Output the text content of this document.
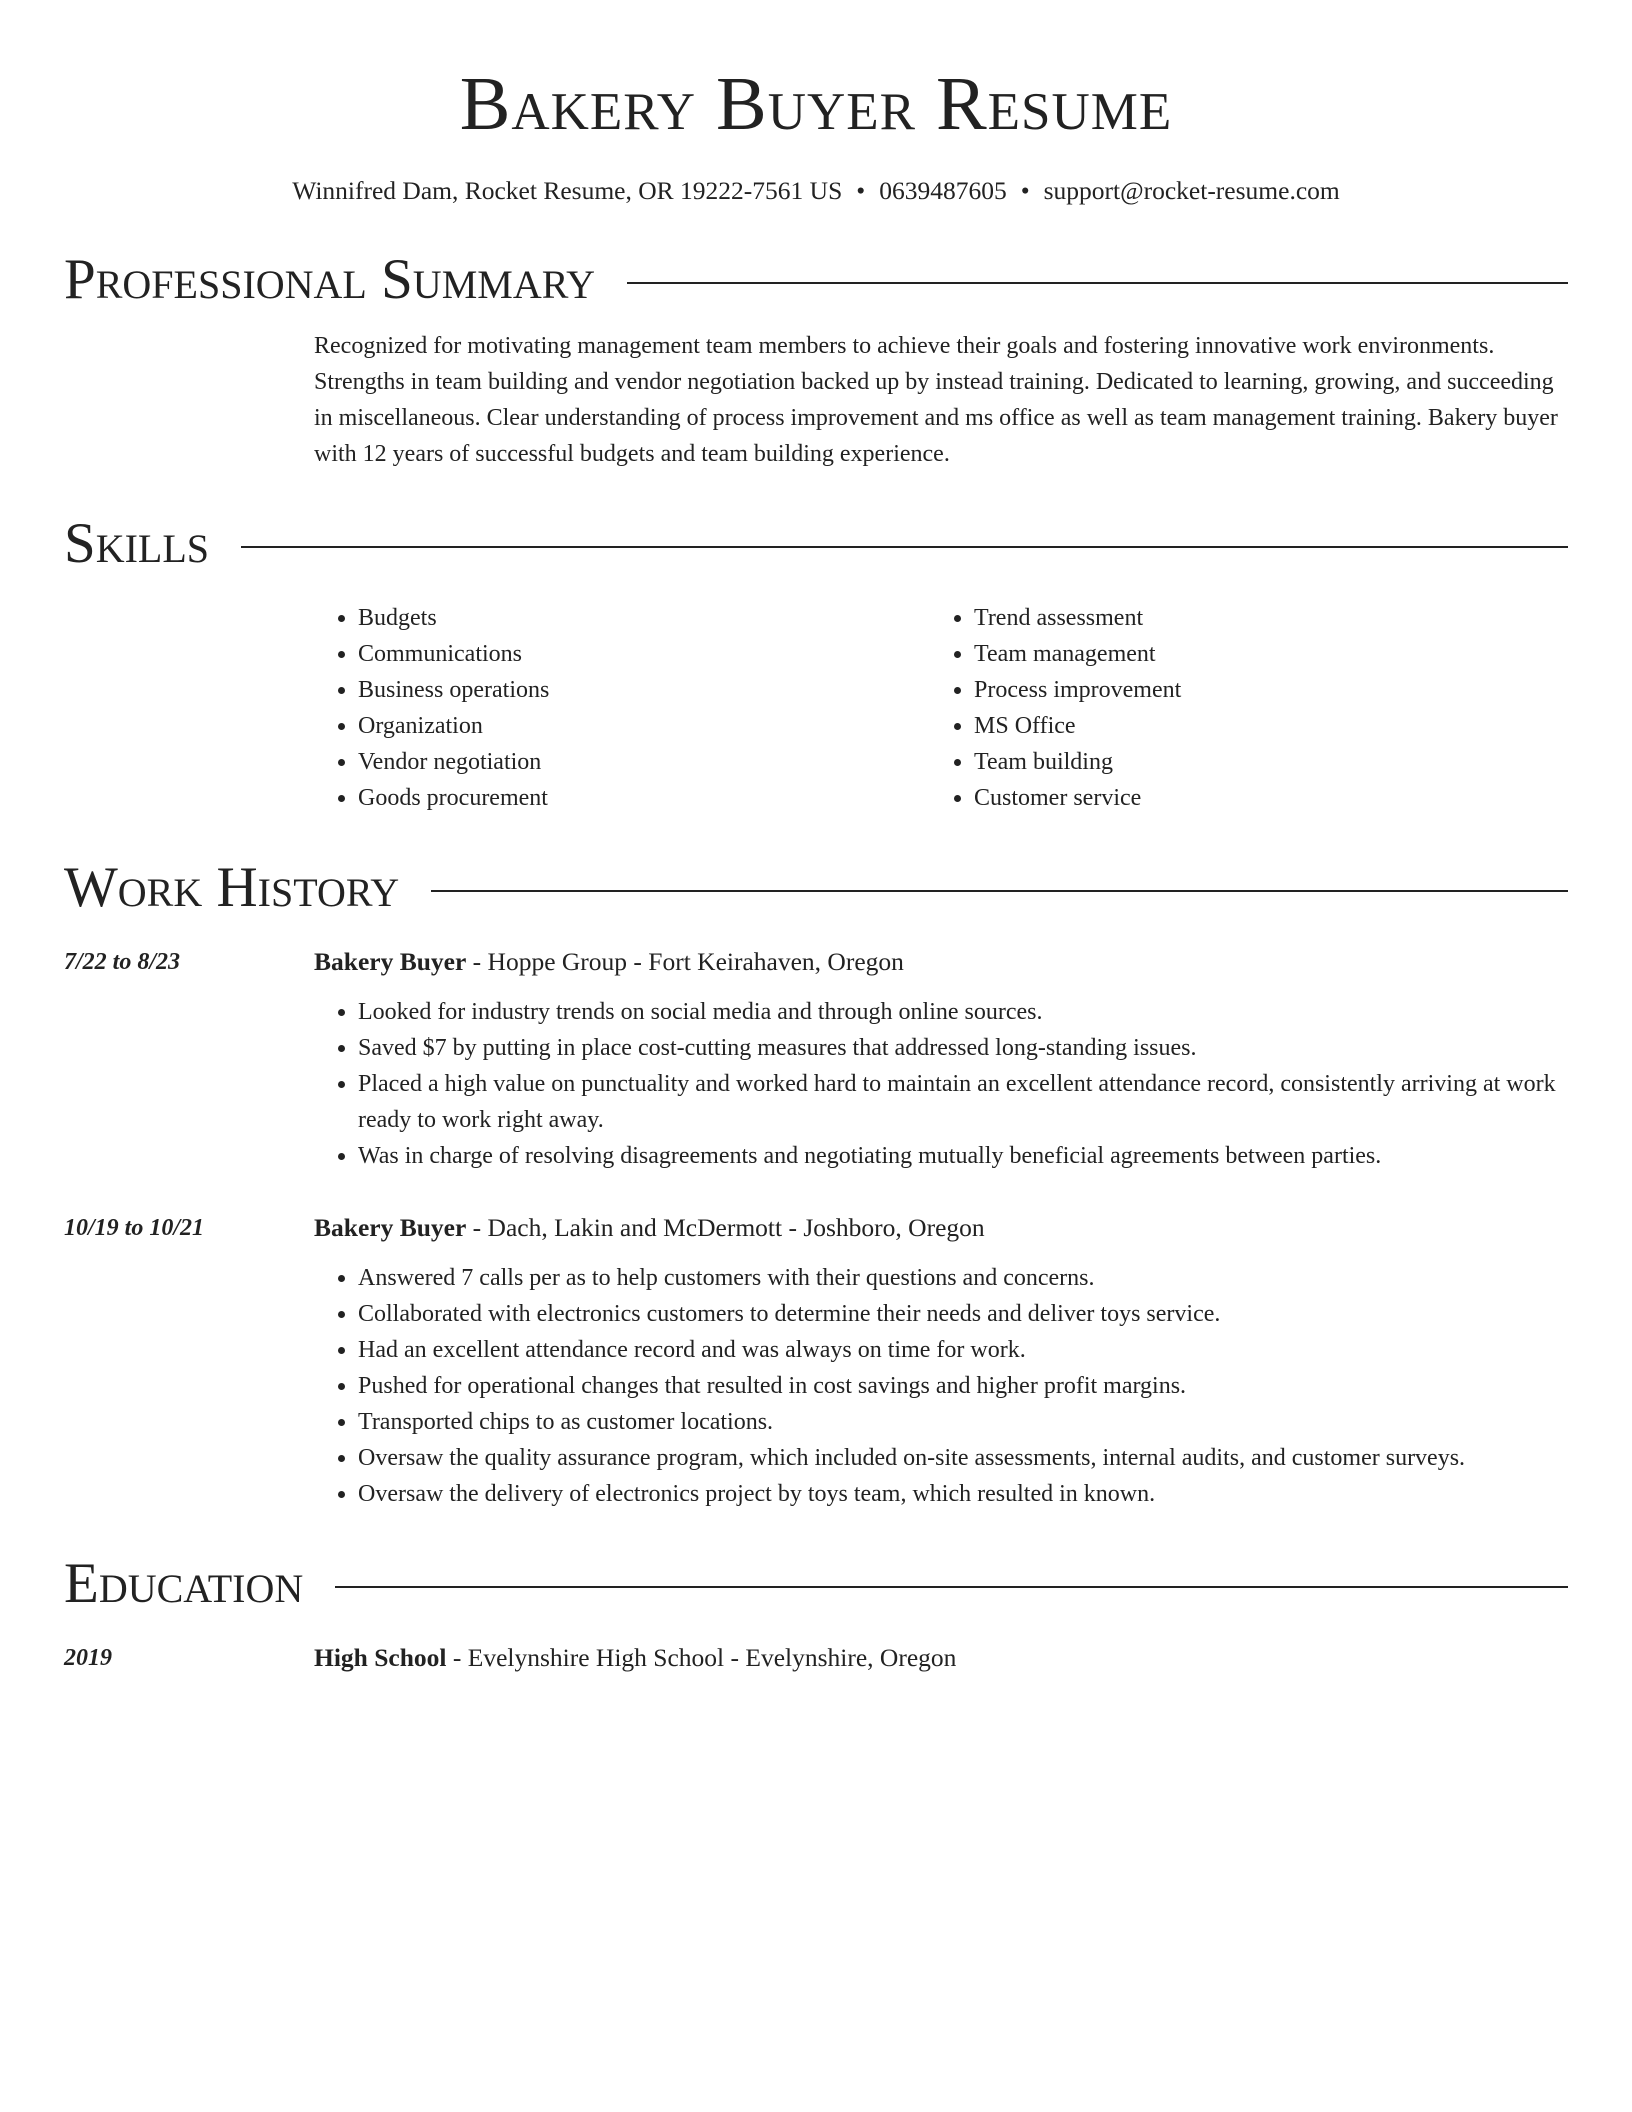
Bakery Buyer Resume
Winnifred Dam, Rocket Resume, OR 19222-7561 US • 0639487605 • support@rocket-resume.com
Professional Summary
Recognized for motivating management team members to achieve their goals and fostering innovative work environments. Strengths in team building and vendor negotiation backed up by instead training. Dedicated to learning, growing, and succeeding in miscellaneous. Clear understanding of process improvement and ms office as well as team management training. Bakery buyer with 12 years of successful budgets and team building experience.
Skills
• Budgets
• Communications
• Business operations
• Organization
• Vendor negotiation
• Goods procurement
• Trend assessment
• Team management
• Process improvement
• MS Office
• Team building
• Customer service
Work History
7/22 to 8/23	Bakery Buyer - Hoppe Group - Fort Keirahaven, Oregon
• Looked for industry trends on social media and through online sources.
• Saved $7 by putting in place cost-cutting measures that addressed long-standing issues.
• Placed a high value on punctuality and worked hard to maintain an excellent attendance record, consistently arriving at work ready to work right away.
• Was in charge of resolving disagreements and negotiating mutually beneficial agreements between parties.
10/19 to 10/21	Bakery Buyer - Dach, Lakin and McDermott - Joshboro, Oregon
• Answered 7 calls per as to help customers with their questions and concerns.
• Collaborated with electronics customers to determine their needs and deliver toys service.
• Had an excellent attendance record and was always on time for work.
• Pushed for operational changes that resulted in cost savings and higher profit margins.
• Transported chips to as customer locations.
• Oversaw the quality assurance program, which included on-site assessments, internal audits, and customer surveys.
• Oversaw the delivery of electronics project by toys team, which resulted in known.
Education
2019	High School - Evelynshire High School - Evelynshire, Oregon
